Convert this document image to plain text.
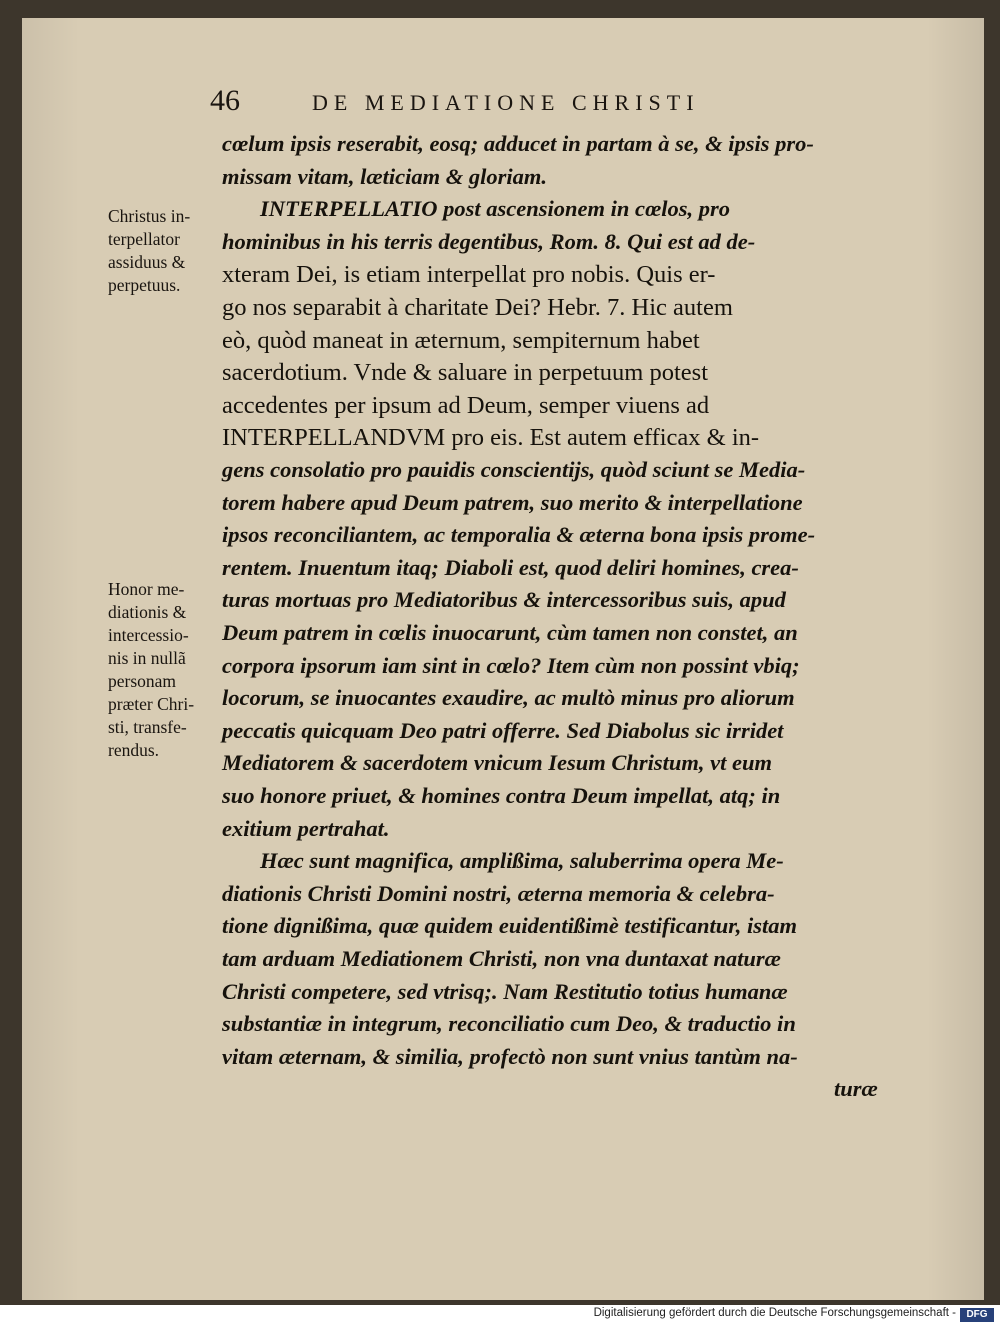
46	DE MEDIATIONE CHRISTI
Christus in-
terpellator
assiduus &
perpetuus.
Honor me-
diationis &
intercessio-
nis in nullã
personam
præter Chri-
sti, transfe-
rendus.
cœlum ipsis reserabit, eosq; adducet in partam à se, & ipsis pro-
missam vitam, læticiam & gloriam.
INTERPELLATIO post ascensionem in cœlos, pro
hominibus in his terris degentibus, Rom. 8. Qui est ad de-
xteram Dei, is etiam interpellat pro nobis. Quis er-
go nos separabit à charitate Dei? Hebr. 7. Hic autem
eò, quòd maneat in æternum, sempiternum habet
sacerdotium. Vnde & saluare in perpetuum potest
accedentes per ipsum ad Deum, semper viuens ad
INTERPELLANDVM pro eis. Est autem efficax & in-
gens consolatio pro pauidis conscientijs, quòd sciunt se Media-
torem habere apud Deum patrem, suo merito & interpellatione
ipsos reconciliantem, ac temporalia & æterna bona ipsis prome-
rentem. Inuentum itaq; Diaboli est, quod deliri homines, crea-
turas mortuas pro Mediatoribus & intercessoribus suis, apud
Deum patrem in cœlis inuocarunt, cùm tamen non constet, an
corpora ipsorum iam sint in cœlo? Item cùm non possint vbiq;
locorum, se inuocantes exaudire, ac multò minus pro aliorum
peccatis quicquam Deo patri offerre. Sed Diabolus sic irridet
Mediatorem & sacerdotem vnicum Iesum Christum, vt eum
suo honore priuet, & homines contra Deum impellat, atq; in
exitium pertrahat.
Hæc sunt magnifica, amplißima, saluberrima opera Me-
diationis Christi Domini nostri, æterna memoria & celebra-
tione dignißima, quæ quidem euidentißimè testificantur, istam
tam arduam Mediationem Christi, non vna duntaxat naturæ
Christi competere, sed vtrisq;. Nam Restitutio totius humanæ
substantiæ in integrum, reconciliatio cum Deo, & traductio in
vitam æternam, & similia, profectò non sunt vnius tantùm na-
turæ
Digitalisierung gefördert durch die Deutsche Forschungsgemeinschaft -	DFG
